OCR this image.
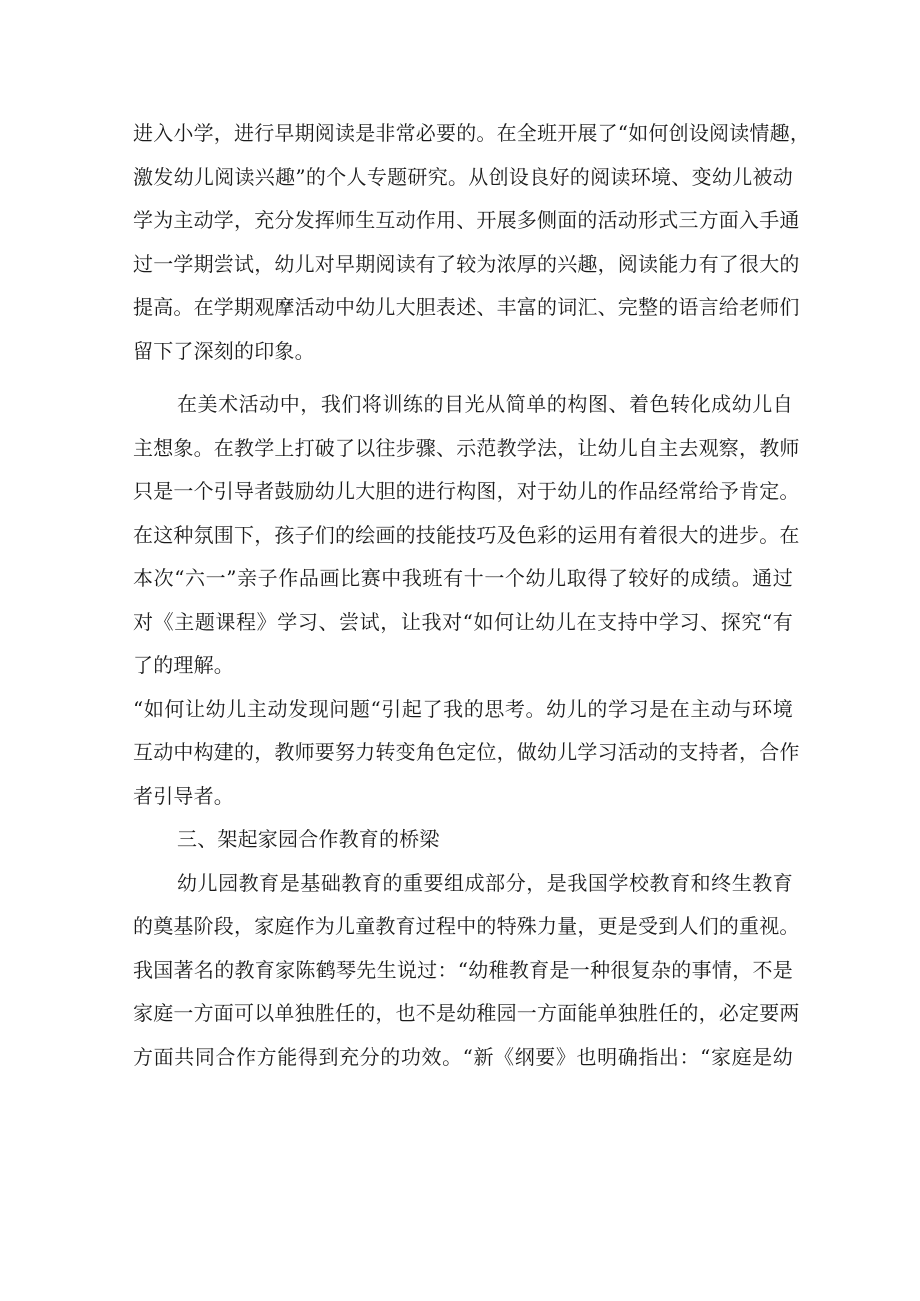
进入小学，进行早期阅读是非常必要的。在全班开展了“如何创设阅读情趣，
激发幼儿阅读兴趣”的个人专题研究。从创设良好的阅读环境、变幼儿被动
学为主动学，充分发挥师生互动作用、开展多侧面的活动形式三方面入手通
过一学期尝试，幼儿对早期阅读有了较为浓厚的兴趣，阅读能力有了很大的
提高。在学期观摩活动中幼儿大胆表述、丰富的词汇、完整的语言给老师们
留下了深刻的印象。
在美术活动中，我们将训练的目光从简单的构图、着色转化成幼儿自
主想象。在教学上打破了以往步骤、示范教学法，让幼儿自主去观察，教师
只是一个引导者鼓励幼儿大胆的进行构图，对于幼儿的作品经常给予肯定。
在这种氛围下，孩子们的绘画的技能技巧及色彩的运用有着很大的进步。在
本次“六一”亲子作品画比赛中我班有十一个幼儿取得了较好的成绩。通过
对《主题课程》学习、尝试，让我对“如何让幼儿在支持中学习、探究“有
了的理解。
“如何让幼儿主动发现问题“引起了我的思考。幼儿的学习是在主动与环境
互动中构建的，教师要努力转变角色定位，做幼儿学习活动的支持者，合作
者引导者。
三、架起家园合作教育的桥梁
幼儿园教育是基础教育的重要组成部分，是我国学校教育和终生教育
的奠基阶段，家庭作为儿童教育过程中的特殊力量，更是受到人们的重视。
我国著名的教育家陈鹤琴先生说过：“幼稚教育是一种很复杂的事情，不是
家庭一方面可以单独胜任的，也不是幼稚园一方面能单独胜任的，必定要两
方面共同合作方能得到充分的功效。“新《纲要》也明确指出：“家庭是幼
